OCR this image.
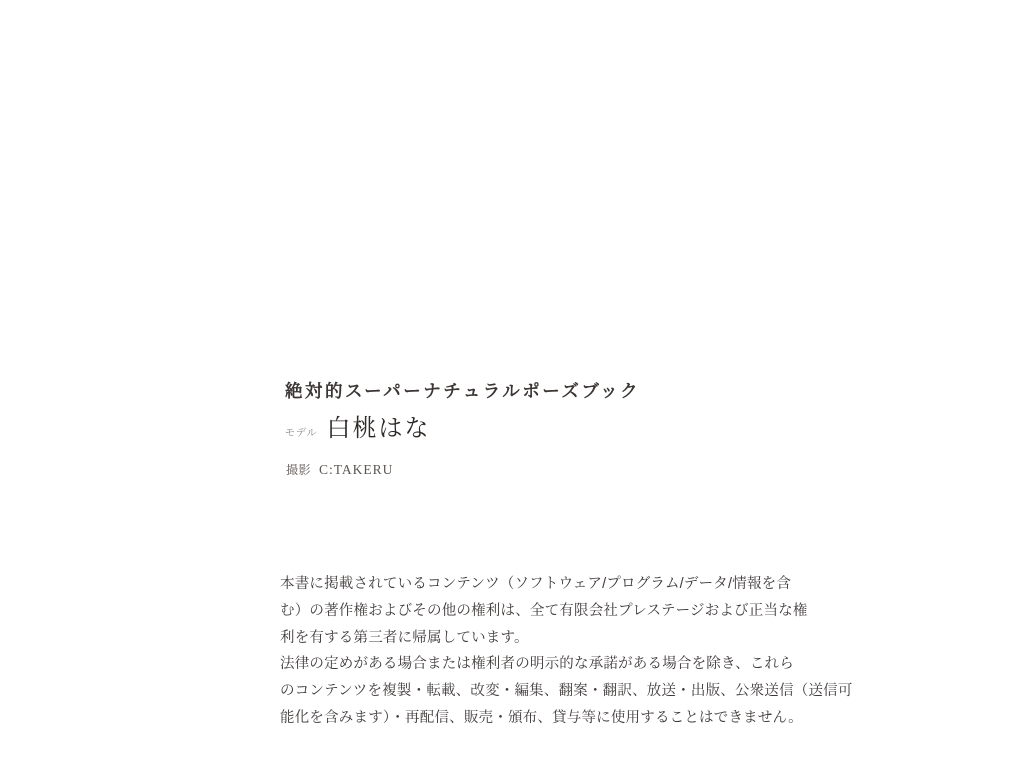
絶対的スーパーナチュラルポーズブック
モデル 白桃はな
撮影 C:TAKERU
本書に掲載されているコンテンツ（ソフトウェア/プログラム/データ/情報を含
む）の著作権およびその他の権利は、全て有限会社プレステージおよび正当な権
利を有する第三者に帰属しています。
法律の定めがある場合または権利者の明示的な承諾がある場合を除き、これら
のコンテンツを複製・転載、改変・編集、翻案・翻訳、放送・出版、公衆送信（送信可
能化を含みます）・再配信、販売・頒布、貸与等に使用することはできません。
